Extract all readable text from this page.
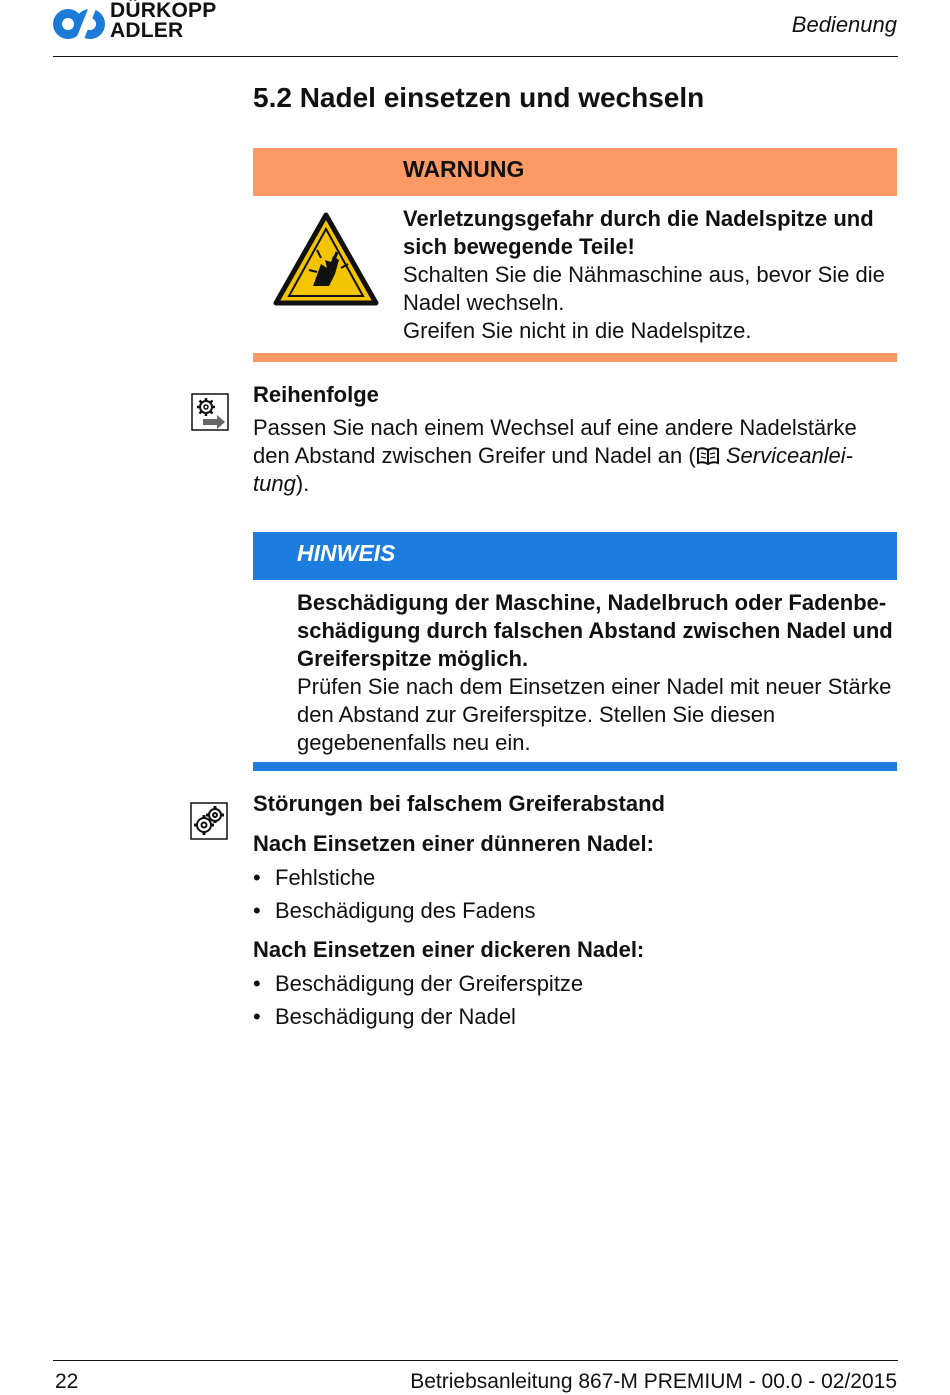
DÜRKOPP
ADLER	Bedienung
5.2 Nadel einsetzen und wechseln
WARNUNG
Verletzungsgefahr durch die Nadelspitze und sich bewegende Teile!
Schalten Sie die Nähmaschine aus, bevor Sie die Nadel wechseln.
Greifen Sie nicht in die Nadelspitze.
Reihenfolge
Passen Sie nach einem Wechsel auf eine andere Nadelstärke den Abstand zwischen Greifer und Nadel an ( Serviceanlei-tung).
HINWEIS
Beschädigung der Maschine, Nadelbruch oder Fadenbe-schädigung durch falschen Abstand zwischen Nadel und Greiferspitze möglich.
Prüfen Sie nach dem Einsetzen einer Nadel mit neuer Stärke den Abstand zur Greiferspitze. Stellen Sie diesen gegebenenfalls neu ein.
Störungen bei falschem Greiferabstand
Nach Einsetzen einer dünneren Nadel:
• Fehlstiche
• Beschädigung des Fadens
Nach Einsetzen einer dickeren Nadel:
• Beschädigung der Greiferspitze
• Beschädigung der Nadel
22	Betriebsanleitung 867-M PREMIUM - 00.0 - 02/2015
